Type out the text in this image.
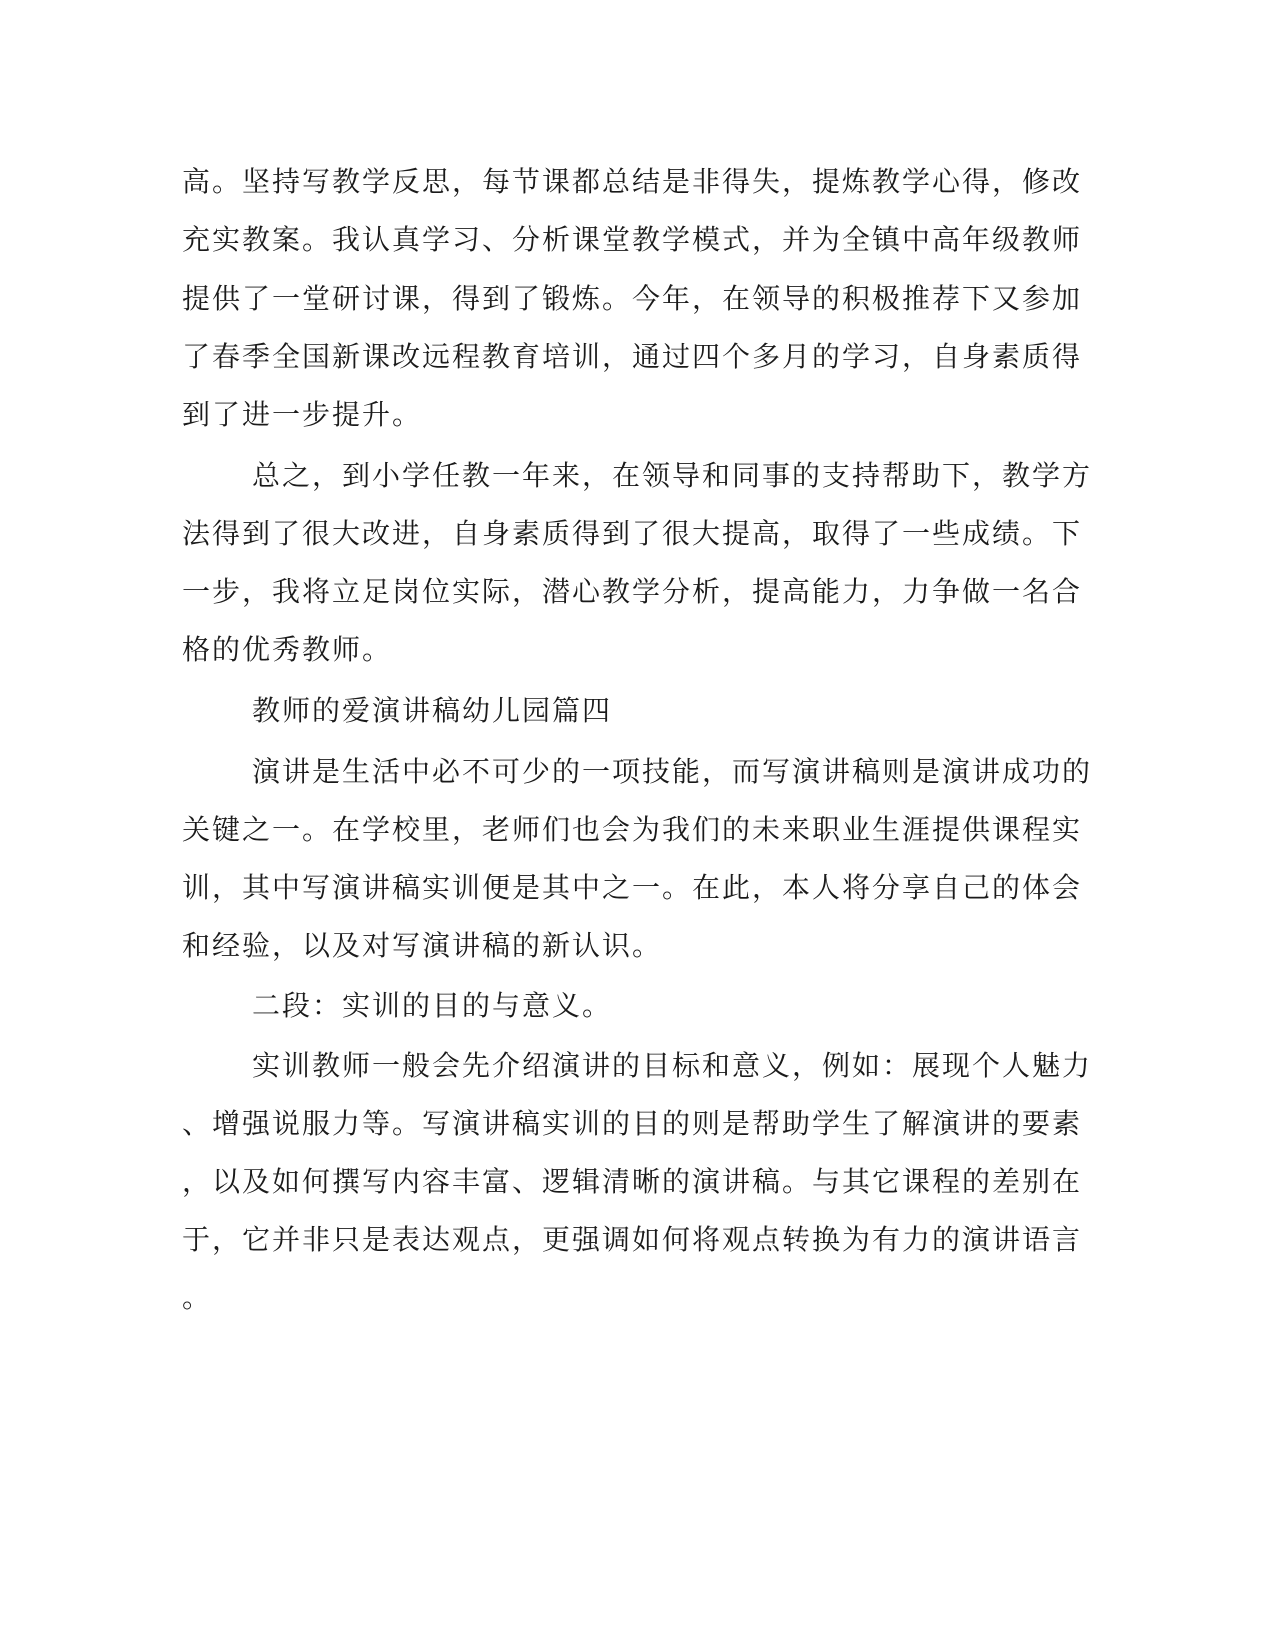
高。坚持写教学反思，每节课都总结是非得失，提炼教学心得，修改

充实教案。我认真学习、分析课堂教学模式，并为全镇中高年级教师

提供了一堂研讨课，得到了锻炼。今年，在领导的积极推荐下又参加

了春季全国新课改远程教育培训，通过四个多月的学习，自身素质得

到了进一步提升。

总之，到小学任教一年来，在领导和同事的支持帮助下，教学方

法得到了很大改进，自身素质得到了很大提高，取得了一些成绩。下

一步，我将立足岗位实际，潜心教学分析，提高能力，力争做一名合

格的优秀教师。

教师的爱演讲稿幼儿园篇四

演讲是生活中必不可少的一项技能，而写演讲稿则是演讲成功的

关键之一。在学校里，老师们也会为我们的未来职业生涯提供课程实

训，其中写演讲稿实训便是其中之一。在此，本人将分享自己的体会

和经验，以及对写演讲稿的新认识。

二段：实训的目的与意义。

实训教师一般会先介绍演讲的目标和意义，例如：展现个人魅力

、增强说服力等。写演讲稿实训的目的则是帮助学生了解演讲的要素

，以及如何撰写内容丰富、逻辑清晰的演讲稿。与其它课程的差别在

于，它并非只是表达观点，更强调如何将观点转换为有力的演讲语言

。
